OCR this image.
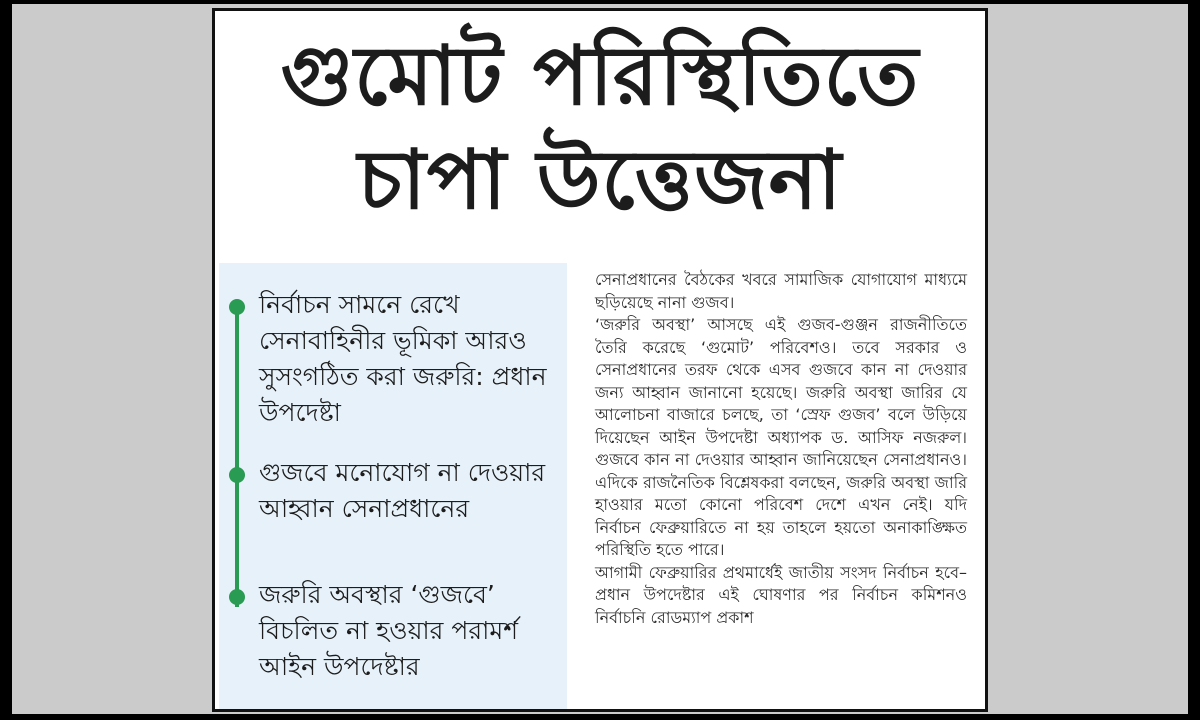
গুমোট পরিস্থিতিতে
চাপা উত্তেজনা
নির্বাচন সামনে রেখে সেনাবাহিনীর ভূমিকা আরও সুসংগঠিত করা জরুরি: প্রধান উপদেষ্টা
গুজবে মনোযোগ না দেওয়ার আহ্বান সেনাপ্রধানের
জরুরি অবস্থার ‘গুজবে’ বিচলিত না হওয়ার পরামর্শ আইন উপদেষ্টার

সেনাপ্রধানের বৈঠকের খবরে সামাজিক যোগাযোগ মাধ্যমে ছড়িয়েছে নানা গুজব।

‘জরুরি অবস্থা’ আসছে এই গুজব-গুঞ্জন রাজনীতিতে তৈরি করেছে ‘গুমোট’ পরিবেশও। তবে সরকার ও সেনাপ্রধানের তরফ থেকে এসব গুজবে কান না দেওয়ার জন্য আহ্বান জানানো হয়েছে। জরুরি অবস্থা জারির যে আলোচনা বাজারে চলছে, তা ‘স্রেফ গুজব’ বলে উড়িয়ে দিয়েছেন আইন উপদেষ্টা অধ্যাপক ড. আসিফ নজরুল। গুজবে কান না দেওয়ার আহ্বান জানিয়েছেন সেনাপ্রধানও। এদিকে রাজনৈতিক বিশ্লেষকরা বলছেন, জরুরি অবস্থা জারি হাওয়ার মতো কোনো পরিবেশ দেশে এখন নেই। যদি নির্বাচন ফেব্রুয়ারিতে না হয় তাহলে হয়তো অনাকাঙ্ক্ষিত পরিস্থিতি হতে পারে।

আগামী ফেব্রুয়ারির প্রথমার্ধেই জাতীয় সংসদ নির্বাচন হবে– প্রধান উপদেষ্টার এই ঘোষণার পর নির্বাচন কমিশনও নির্বাচনি রোডম্যাপ প্রকাশ
